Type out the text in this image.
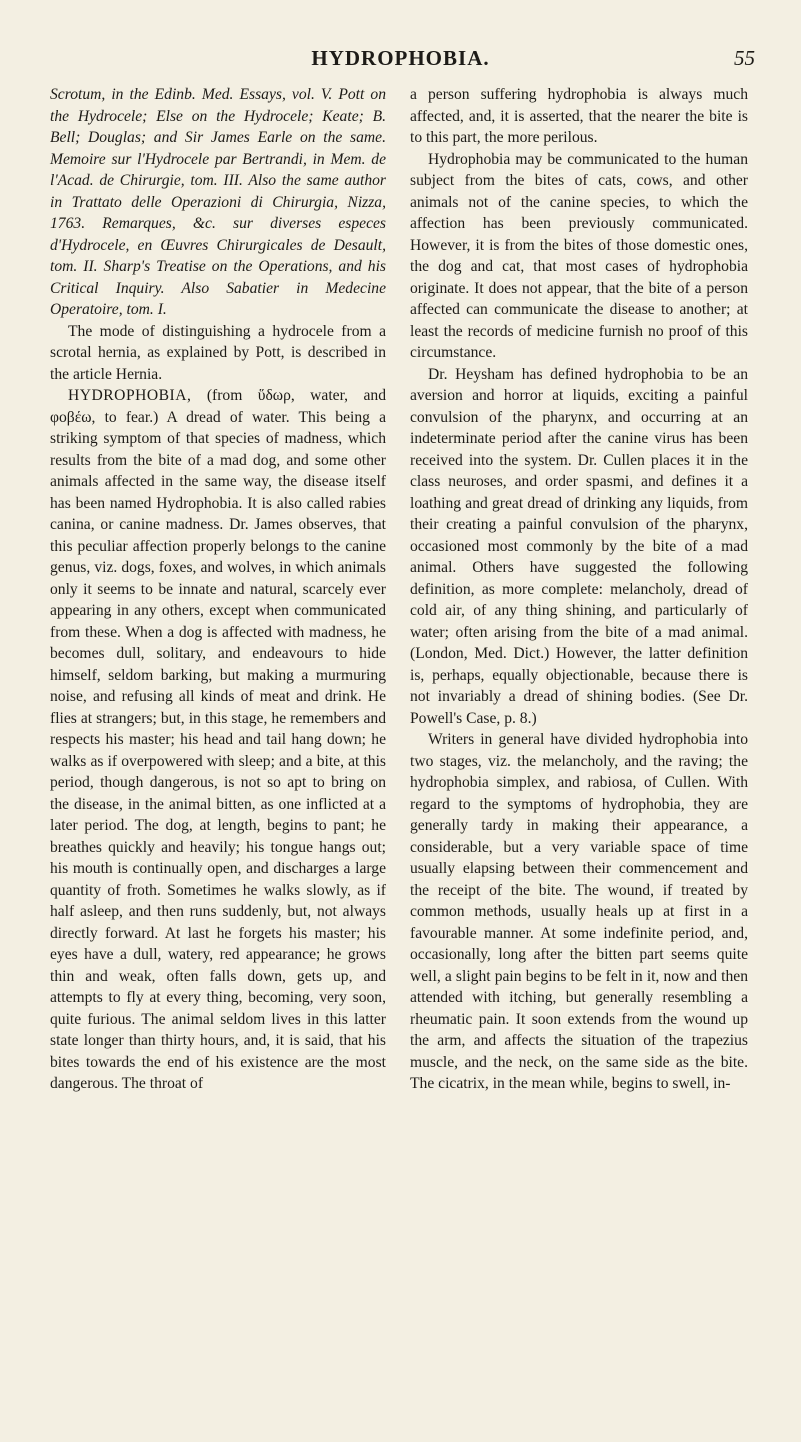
HYDROPHOBIA.	55

Scrotum, in the Edinb. Med. Essays, vol. V. Pott on the Hydrocele; Else on the Hydrocele; Keate; B. Bell; Douglas; and Sir James Earle on the same. Memoire sur l'Hydrocele par Bertrandi, in Mem. de l'Acad. de Chirurgie, tom. III. Also the same author in Trattato delle Operazioni di Chirurgia, Nizza, 1763. Remarques, &c. sur diverses especes d'Hydrocele, en Œuvres Chirurgicales de Desault, tom. II. Sharp's Treatise on the Operations, and his Critical Inquiry. Also Sabatier in Medecine Operatoire, tom. I.

The mode of distinguishing a hydrocele from a scrotal hernia, as explained by Pott, is described in the article Hernia.

HYDROPHOBIA, (from ὕδωρ, water, and φοβέω, to fear.) A dread of water. This being a striking symptom of that species of madness, which results from the bite of a mad dog, and some other animals affected in the same way, the disease itself has been named Hydrophobia. It is also called rabies canina, or canine madness. Dr. James observes, that this peculiar affection properly belongs to the canine genus, viz. dogs, foxes, and wolves, in which animals only it seems to be innate and natural, scarcely ever appearing in any others, except when communicated from these. When a dog is affected with madness, he becomes dull, solitary, and endeavours to hide himself, seldom barking, but making a murmuring noise, and refusing all kinds of meat and drink. He flies at strangers; but, in this stage, he remembers and respects his master; his head and tail hang down; he walks as if overpowered with sleep; and a bite, at this period, though dangerous, is not so apt to bring on the disease, in the animal bitten, as one inflicted at a later period. The dog, at length, begins to pant; he breathes quickly and heavily; his tongue hangs out; his mouth is continually open, and discharges a large quantity of froth. Sometimes he walks slowly, as if half asleep, and then runs suddenly, but, not always directly forward. At last he forgets his master; his eyes have a dull, watery, red appearance; he grows thin and weak, often falls down, gets up, and attempts to fly at every thing, becoming, very soon, quite furious. The animal seldom lives in this latter state longer than thirty hours, and, it is said, that his bites towards the end of his existence are the most dangerous. The throat of

a person suffering hydrophobia is always much affected, and, it is asserted, that the nearer the bite is to this part, the more perilous.

Hydrophobia may be communicated to the human subject from the bites of cats, cows, and other animals not of the canine species, to which the affection has been previously communicated. However, it is from the bites of those domestic ones, the dog and cat, that most cases of hydrophobia originate. It does not appear, that the bite of a person affected can communicate the disease to another; at least the records of medicine furnish no proof of this circumstance.

Dr. Heysham has defined hydrophobia to be an aversion and horror at liquids, exciting a painful convulsion of the pharynx, and occurring at an indeterminate period after the canine virus has been received into the system. Dr. Cullen places it in the class neuroses, and order spasmi, and defines it a loathing and great dread of drinking any liquids, from their creating a painful convulsion of the pharynx, occasioned most commonly by the bite of a mad animal. Others have suggested the following definition, as more complete: melancholy, dread of cold air, of any thing shining, and particularly of water; often arising from the bite of a mad animal. (London, Med. Dict.) However, the latter definition is, perhaps, equally objectionable, because there is not invariably a dread of shining bodies. (See Dr. Powell's Case, p. 8.)

Writers in general have divided hydrophobia into two stages, viz. the melancholy, and the raving; the hydrophobia simplex, and rabiosa, of Cullen. With regard to the symptoms of hydrophobia, they are generally tardy in making their appearance, a considerable, but a very variable space of time usually elapsing between their commencement and the receipt of the bite. The wound, if treated by common methods, usually heals up at first in a favourable manner. At some indefinite period, and, occasionally, long after the bitten part seems quite well, a slight pain begins to be felt in it, now and then attended with itching, but generally resembling a rheumatic pain. It soon extends from the wound up the arm, and affects the situation of the trapezius muscle, and the neck, on the same side as the bite. The cicatrix, in the mean while, begins to swell, in-
